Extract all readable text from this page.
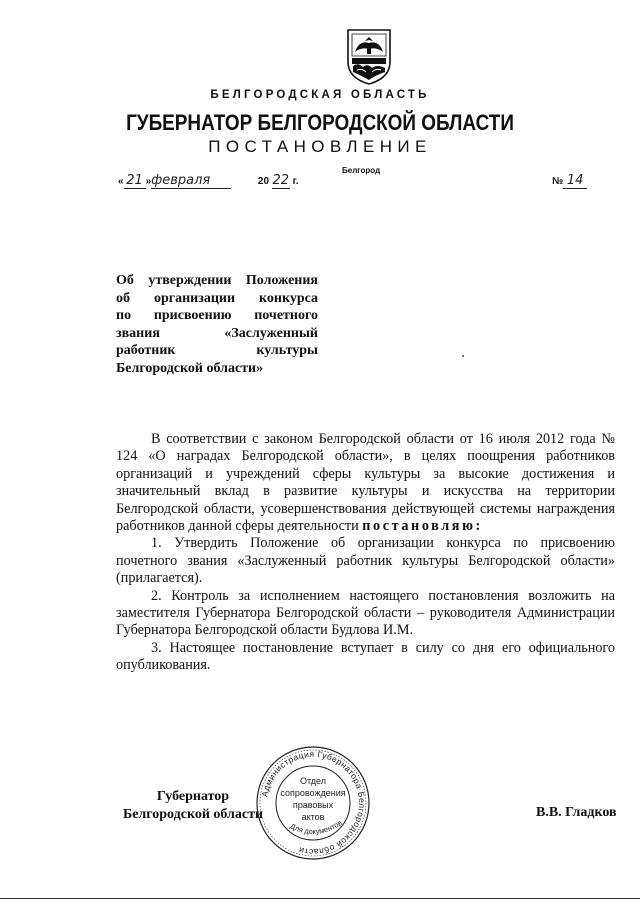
БЕЛГОРОДСКАЯ ОБЛАСТЬ
ГУБЕРНАТОР БЕЛГОРОДСКОЙ ОБЛАСТИ
ПОСТАНОВЛЕНИЕ
Белгород
« 21 »февраля	20 22 г.	№ 14
Об утверждении Положения
об организации конкурса
по присвоению почетного
звания «Заслуженный
работник культуры
Белгородской области»

В соответствии с законом Белгородской области от 16 июля 2012 года № 124 «О наградах Белгородской области», в целях поощрения работников организаций и учреждений сферы культуры за высокие достижения и значительный вклад в развитие культуры и искусства на территории Белгородской области, усовершенствования действующей системы награждения работников данной сферы деятельности постановляю:

1. Утвердить Положение об организации конкурса по присвоению почетного звания «Заслуженный работник культуры Белгородской области» (прилагается).

2. Контроль за исполнением настоящего постановления возложить на заместителя Губернатора Белгородской области – руководителя Администрации Губернатора Белгородской области Будлова И.М.

3. Настоящее постановление вступает в силу со дня его официального опубликования.

Губернатор
Белгородской области
Администрация Губернатора Белгородской области
Отдел
сопровождения
правовых
актов
Для документов
В.В. Гладков
